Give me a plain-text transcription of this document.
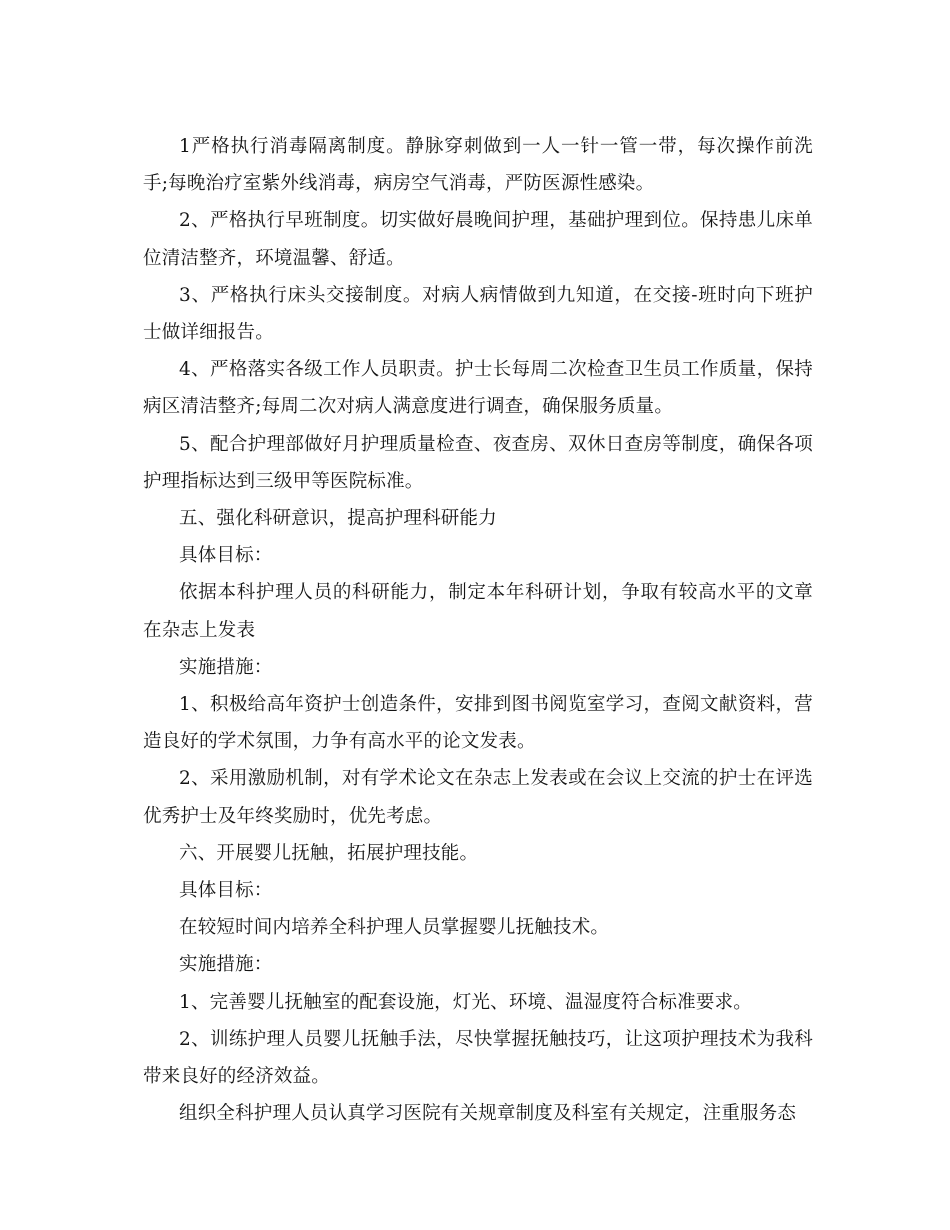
1严格执行消毒隔离制度。静脉穿刺做到一人一针一管一带，每次操作前洗手;每晚治疗室紫外线消毒，病房空气消毒，严防医源性感染。

2、严格执行早班制度。切实做好晨晚间护理，基础护理到位。保持患儿床单位清洁整齐，环境温馨、舒适。

3、严格执行床头交接制度。对病人病情做到九知道，在交接-班时向下班护士做详细报告。

4、严格落实各级工作人员职责。护士长每周二次检查卫生员工作质量，保持病区清洁整齐;每周二次对病人满意度进行调查，确保服务质量。

5、配合护理部做好月护理质量检查、夜查房、双休日查房等制度，确保各项护理指标达到三级甲等医院标准。

五、强化科研意识，提高护理科研能力

具体目标：

依据本科护理人员的科研能力，制定本年科研计划，争取有较高水平的文章在杂志上发表

实施措施：

1、积极给高年资护士创造条件，安排到图书阅览室学习，查阅文献资料，营造良好的学术氛围，力争有高水平的论文发表。

2、采用激励机制，对有学术论文在杂志上发表或在会议上交流的护士在评选优秀护士及年终奖励时，优先考虑。

六、开展婴儿抚触，拓展护理技能。

具体目标：

在较短时间内培养全科护理人员掌握婴儿抚触技术。

实施措施：

1、完善婴儿抚触室的配套设施，灯光、环境、温湿度符合标准要求。

2、训练护理人员婴儿抚触手法，尽快掌握抚触技巧，让这项护理技术为我科带来良好的经济效益。

组织全科护理人员认真学习医院有关规章制度及科室有关规定，注重服务态
